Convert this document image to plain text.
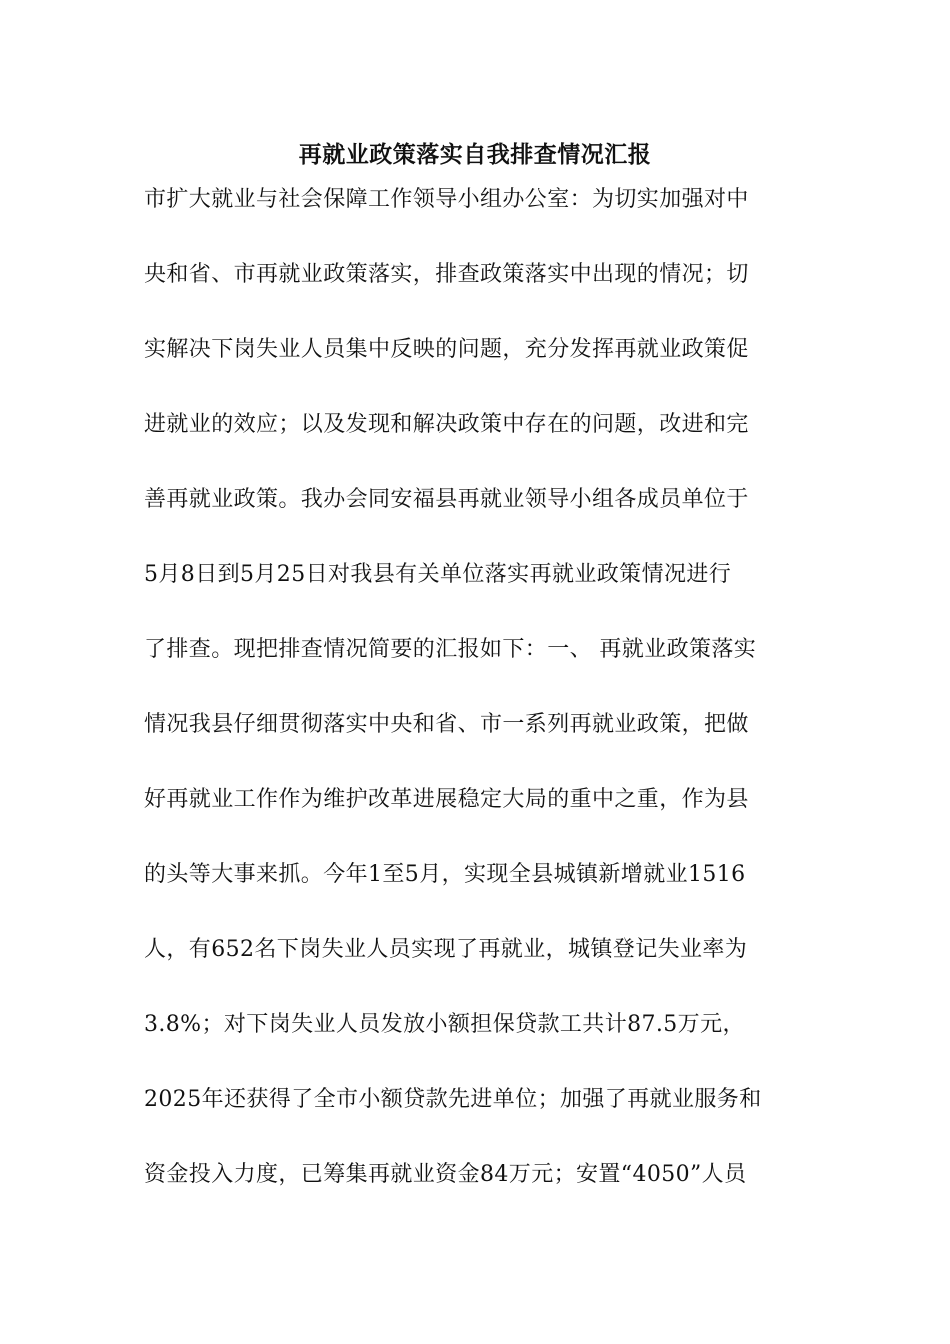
再就业政策落实自我排查情况汇报

市扩大就业与社会保障工作领导小组办公室：为切实加强对中

央和省、市再就业政策落实，排查政策落实中出现的情况；切

实解决下岗失业人员集中反映的问题，充分发挥再就业政策促

进就业的效应；以及发现和解决政策中存在的问题，改进和完

善再就业政策。我办会同安福县再就业领导小组各成员单位于

5月8日到5月25日对我县有关单位落实再就业政策情况进行

了排查。现把排查情况简要的汇报如下：一、 再就业政策落实

情况我县仔细贯彻落实中央和省、市一系列再就业政策，把做

好再就业工作作为维护改革进展稳定大局的重中之重，作为县

的头等大事来抓。今年1至5月，实现全县城镇新增就业1516

人，有652名下岗失业人员实现了再就业，城镇登记失业率为

3.8%；对下岗失业人员发放小额担保贷款工共计87.5万元，

2025年还获得了全市小额贷款先进单位；加强了再就业服务和

资金投入力度，已筹集再就业资金84万元；安置“4050”人员
